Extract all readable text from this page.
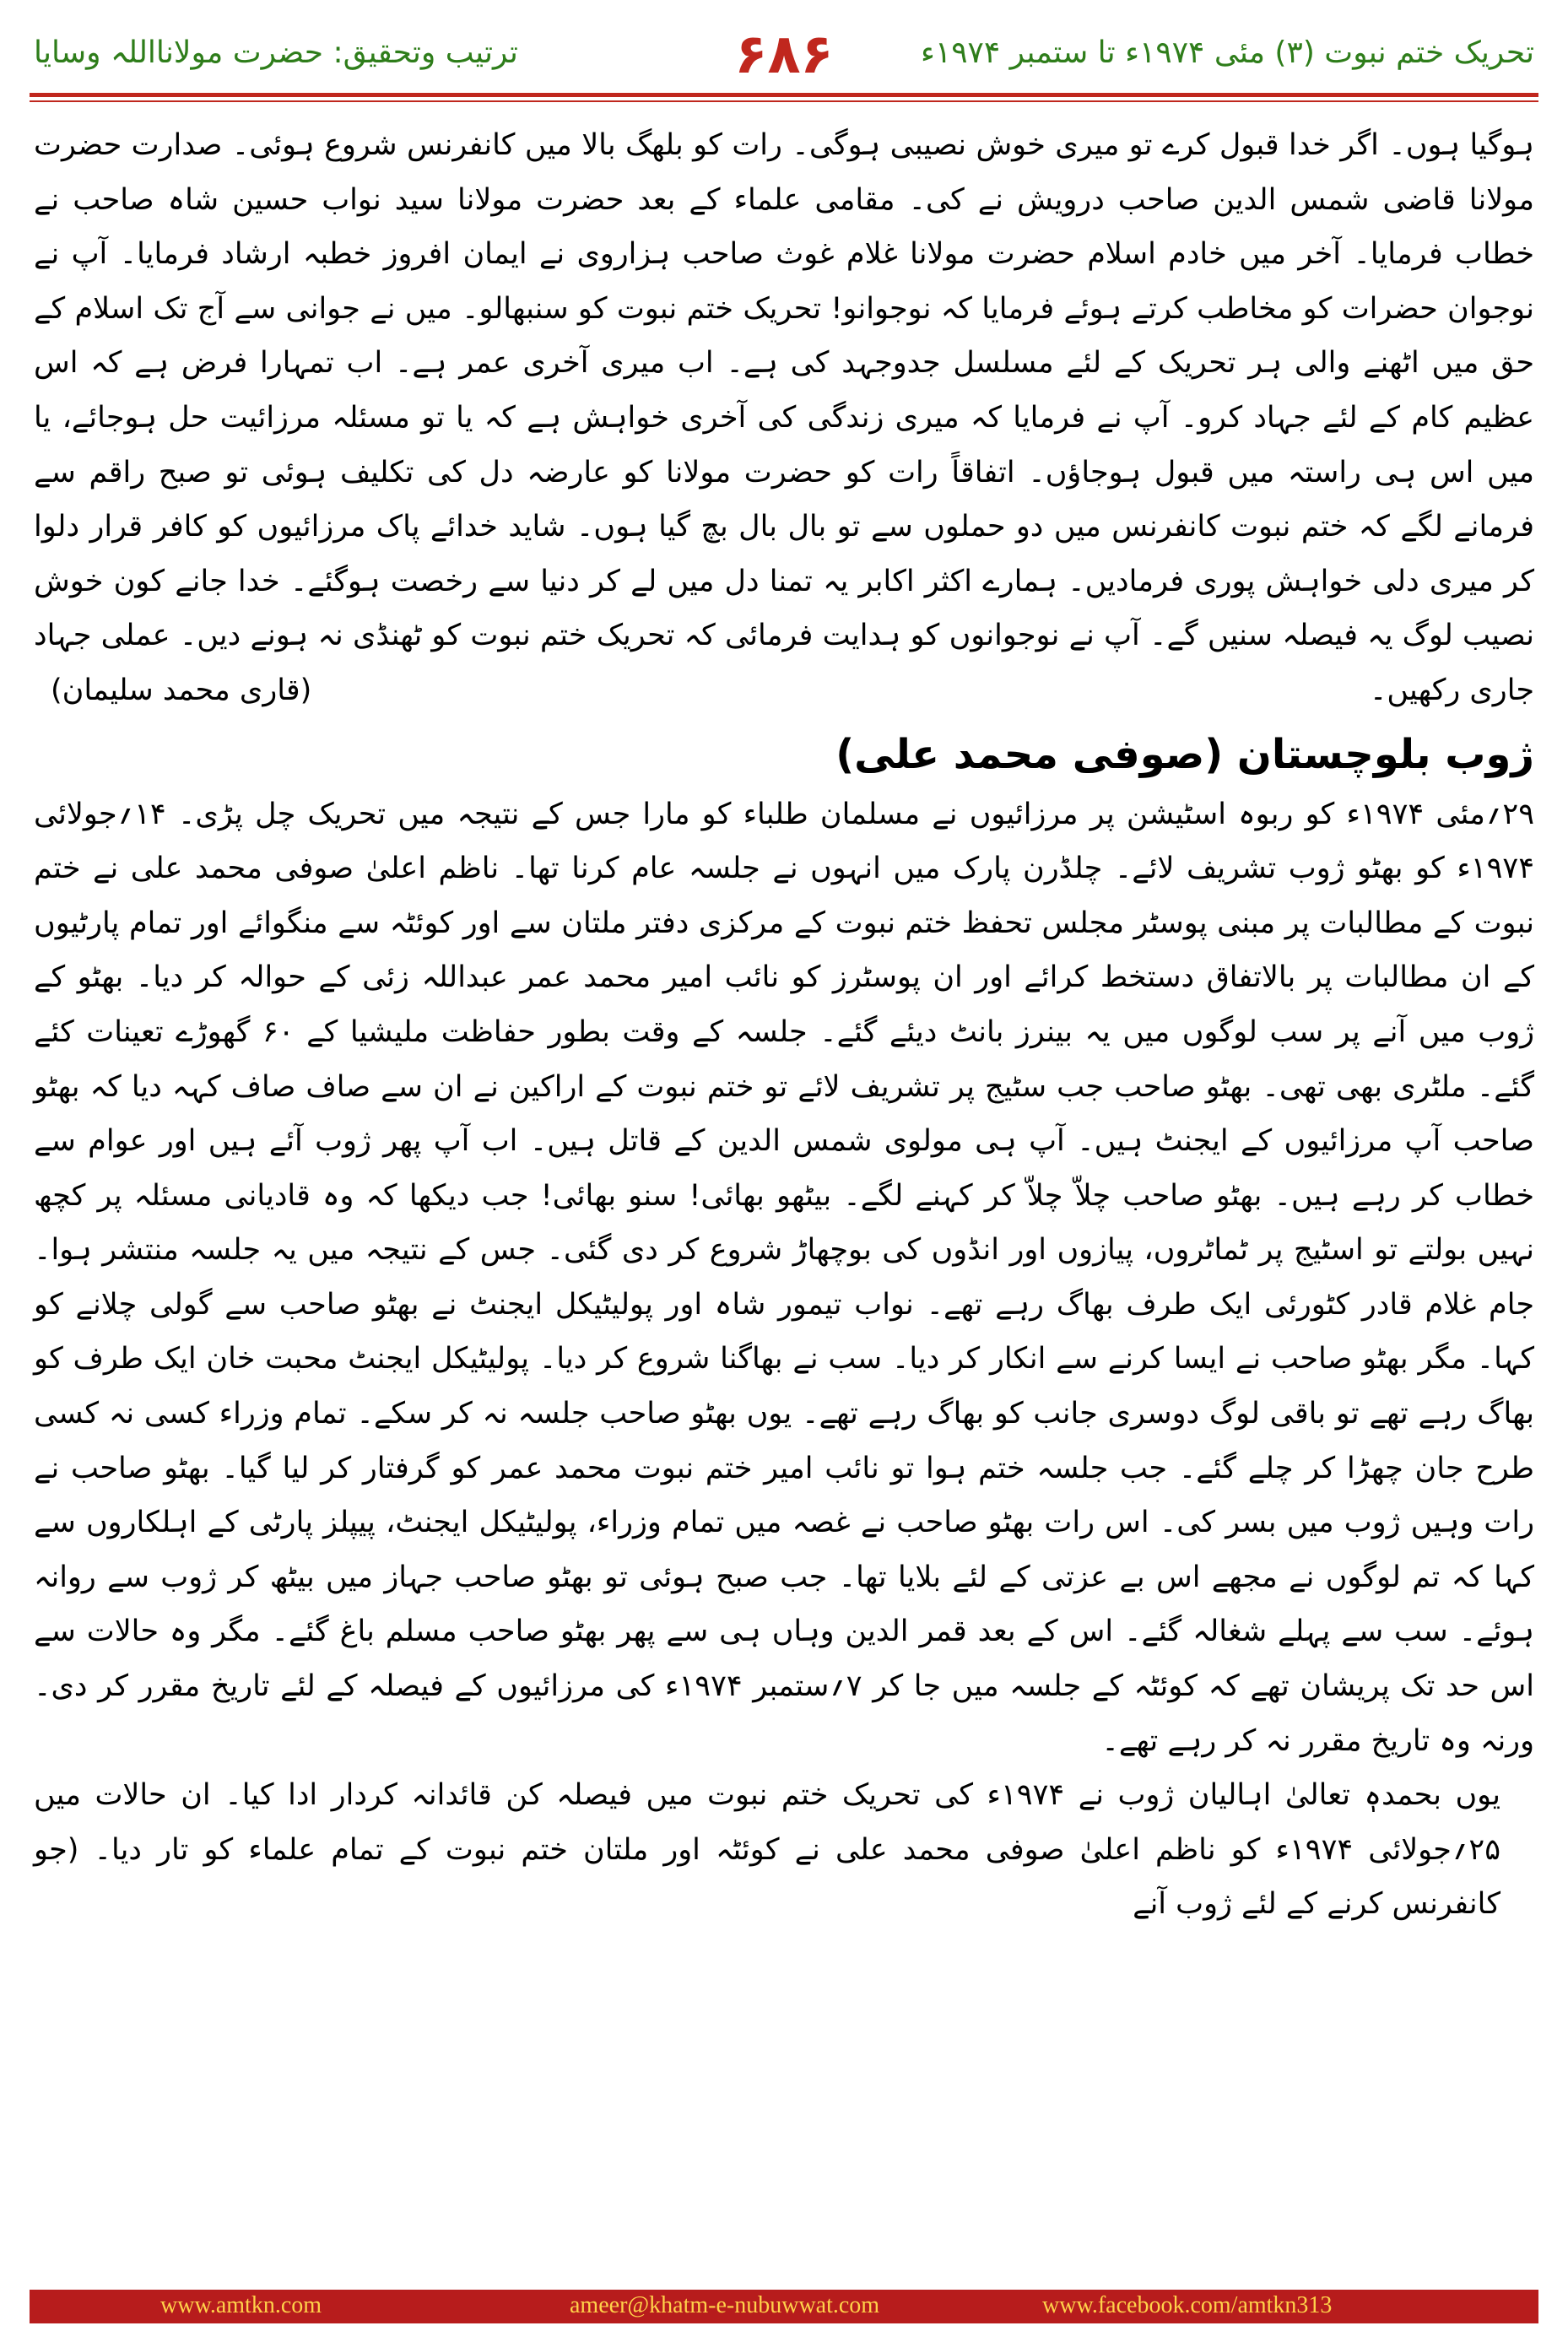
ترتیب وتحقیق: حضرت مولانااللہ وسایا	۶۸۶	تحریک ختم نبوت (۳) مئی ۱۹۷۴ء تا ستمبر ۱۹۷۴ء

ہوگیا ہوں۔ اگر خدا قبول کرے تو میری خوش نصیبی ہوگی۔ رات کو بلھگ بالا میں کانفرنس شروع ہوئی۔ صدارت حضرت مولانا قاضی شمس الدین صاحب درویش نے کی۔ مقامی علماء کے بعد حضرت مولانا سید نواب حسین شاہ صاحب نے خطاب فرمایا۔ آخر میں خادم اسلام حضرت مولانا غلام غوث صاحب ہزاروی نے ایمان افروز خطبہ ارشاد فرمایا۔ آپ نے نوجوان حضرات کو مخاطب کرتے ہوئے فرمایا کہ نوجوانو! تحریک ختم نبوت کو سنبھالو۔ میں نے جوانی سے آج تک اسلام کے حق میں اٹھنے والی ہر تحریک کے لئے مسلسل جدوجہد کی ہے۔ اب میری آخری عمر ہے۔ اب تمہارا فرض ہے کہ اس عظیم کام کے لئے جہاد کرو۔ آپ نے فرمایا کہ میری زندگی کی آخری خواہش ہے کہ یا تو مسئلہ مرزائیت حل ہوجائے، یا میں اس ہی راستہ میں قبول ہوجاؤں۔ اتفاقاً رات کو حضرت مولانا کو عارضہ دل کی تکلیف ہوئی تو صبح راقم سے فرمانے لگے کہ ختم نبوت کانفرنس میں دو حملوں سے تو بال بال بچ گیا ہوں۔ شاید خدائے پاک مرزائیوں کو کافر قرار دلوا کر میری دلی خواہش پوری فرمادیں۔ ہمارے اکثر اکابر یہ تمنا دل میں لے کر دنیا سے رخصت ہوگئے۔ خدا جانے کون خوش نصیب لوگ یہ فیصلہ سنیں گے۔ آپ نے نوجوانوں کو ہدایت فرمائی کہ تحریک ختم نبوت کو ٹھنڈی نہ ہونے دیں۔ عملی جہاد جاری رکھیں۔
(قاری محمد سلیمان)

ژوب بلوچستان (صوفی محمد علی)

۲۹؍مئی ۱۹۷۴ء کو ربوہ اسٹیشن پر مرزائیوں نے مسلمان طلباء کو مارا جس کے نتیجہ میں تحریک چل پڑی۔ ۱۴؍جولائی ۱۹۷۴ء کو بھٹو ژوب تشریف لائے۔ چلڈرن پارک میں انہوں نے جلسہ عام کرنا تھا۔ ناظم اعلیٰ صوفی محمد علی نے ختم نبوت کے مطالبات پر مبنی پوسٹر مجلس تحفظ ختم نبوت کے مرکزی دفتر ملتان سے اور کوئٹہ سے منگوائے اور تمام پارٹیوں کے ان مطالبات پر بالاتفاق دستخط کرائے اور ان پوسٹرز کو نائب امیر محمد عمر عبداللہ زئی کے حوالہ کر دیا۔ بھٹو کے ژوب میں آنے پر سب لوگوں میں یہ بینرز بانٹ دیئے گئے۔ جلسہ کے وقت بطور حفاظت ملیشیا کے ۶۰ گھوڑے تعینات کئے گئے۔ ملٹری بھی تھی۔ بھٹو صاحب جب سٹیج پر تشریف لائے تو ختم نبوت کے اراکین نے ان سے صاف صاف کہہ دیا کہ بھٹو صاحب آپ مرزائیوں کے ایجنٹ ہیں۔ آپ ہی مولوی شمس الدین کے قاتل ہیں۔ اب آپ پھر ژوب آئے ہیں اور عوام سے خطاب کر رہے ہیں۔ بھٹو صاحب چلاّ چلاّ کر کہنے لگے۔ بیٹھو بھائی! سنو بھائی! جب دیکھا کہ وہ قادیانی مسئلہ پر کچھ نہیں بولتے تو اسٹیج پر ٹماٹروں، پیازوں اور انڈوں کی بوچھاڑ شروع کر دی گئی۔ جس کے نتیجہ میں یہ جلسہ منتشر ہوا۔ جام غلام قادر کٹورئی ایک طرف بھاگ رہے تھے۔ نواب تیمور شاہ اور پولیٹیکل ایجنٹ نے بھٹو صاحب سے گولی چلانے کو کہا۔ مگر بھٹو صاحب نے ایسا کرنے سے انکار کر دیا۔ سب نے بھاگنا شروع کر دیا۔ پولیٹیکل ایجنٹ محبت خان ایک طرف کو بھاگ رہے تھے تو باقی لوگ دوسری جانب کو بھاگ رہے تھے۔ یوں بھٹو صاحب جلسہ نہ کر سکے۔ تمام وزراء کسی نہ کسی طرح جان چھڑا کر چلے گئے۔ جب جلسہ ختم ہوا تو نائب امیر ختم نبوت محمد عمر کو گرفتار کر لیا گیا۔ بھٹو صاحب نے رات وہیں ژوب میں بسر کی۔ اس رات بھٹو صاحب نے غصہ میں تمام وزراء، پولیٹیکل ایجنٹ، پیپلز پارٹی کے اہلکاروں سے کہا کہ تم لوگوں نے مجھے اس بے عزتی کے لئے بلایا تھا۔ جب صبح ہوئی تو بھٹو صاحب جہاز میں بیٹھ کر ژوب سے روانہ ہوئے۔ سب سے پہلے شغالہ گئے۔ اس کے بعد قمر الدین وہاں ہی سے پھر بھٹو صاحب مسلم باغ گئے۔ مگر وہ حالات سے اس حد تک پریشان تھے کہ کوئٹہ کے جلسہ میں جا کر ۷؍ستمبر ۱۹۷۴ء کی مرزائیوں کے فیصلہ کے لئے تاریخ مقرر کر دی۔ ورنہ وہ تاریخ مقرر نہ کر رہے تھے۔

یوں بحمدہٖ تعالیٰ اہالیان ژوب نے ۱۹۷۴ء کی تحریک ختم نبوت میں فیصلہ کن قائدانہ کردار ادا کیا۔ ان حالات میں ۲۵؍جولائی ۱۹۷۴ء کو ناظم اعلیٰ صوفی محمد علی نے کوئٹہ اور ملتان ختم نبوت کے تمام علماء کو تار دیا۔ (جو کانفرنس کرنے کے لئے ژوب آنے

www.amtkn.com	ameer@khatm-e-nubuwwat.com	www.facebook.com/amtkn313
